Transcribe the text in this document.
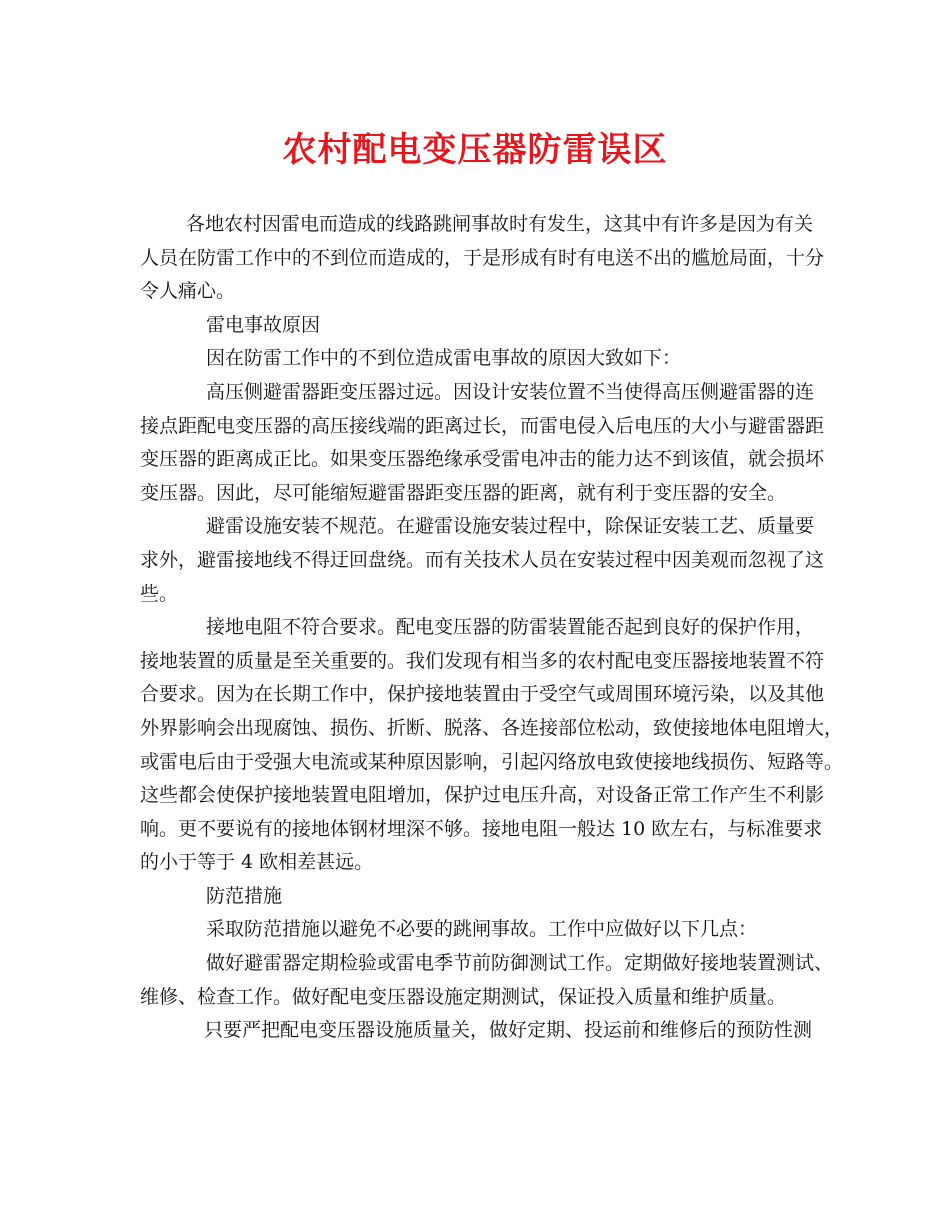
农村配电变压器防雷误区
各地农村因雷电而造成的线路跳闸事故时有发生，这其中有许多是因为有关
人员在防雷工作中的不到位而造成的，于是形成有时有电送不出的尴尬局面，十分
令人痛心。
雷电事故原因
因在防雷工作中的不到位造成雷电事故的原因大致如下：
高压侧避雷器距变压器过远。因设计安装位置不当使得高压侧避雷器的连
接点距配电变压器的高压接线端的距离过长，而雷电侵入后电压的大小与避雷器距
变压器的距离成正比。如果变压器绝缘承受雷电冲击的能力达不到该值，就会损坏
变压器。因此，尽可能缩短避雷器距变压器的距离，就有利于变压器的安全。
避雷设施安装不规范。在避雷设施安装过程中，除保证安装工艺、质量要
求外，避雷接地线不得迂回盘绕。而有关技术人员在安装过程中因美观而忽视了这
些。
接地电阻不符合要求。配电变压器的防雷装置能否起到良好的保护作用，
接地装置的质量是至关重要的。我们发现有相当多的农村配电变压器接地装置不符
合要求。因为在长期工作中，保护接地装置由于受空气或周围环境污染，以及其他
外界影响会出现腐蚀、损伤、折断、脱落、各连接部位松动，致使接地体电阻增大，
或雷电后由于受强大电流或某种原因影响，引起闪络放电致使接地线损伤、短路等。
这些都会使保护接地装置电阻增加，保护过电压升高，对设备正常工作产生不利影
响。更不要说有的接地体钢材埋深不够。接地电阻一般达 10 欧左右，与标准要求
的小于等于 4 欧相差甚远。
防范措施
采取防范措施以避免不必要的跳闸事故。工作中应做好以下几点：
做好避雷器定期检验或雷电季节前防御测试工作。定期做好接地装置测试、
维修、检查工作。做好配电变压器设施定期测试，保证投入质量和维护质量。
只要严把配电变压器设施质量关，做好定期、投运前和维修后的预防性测
